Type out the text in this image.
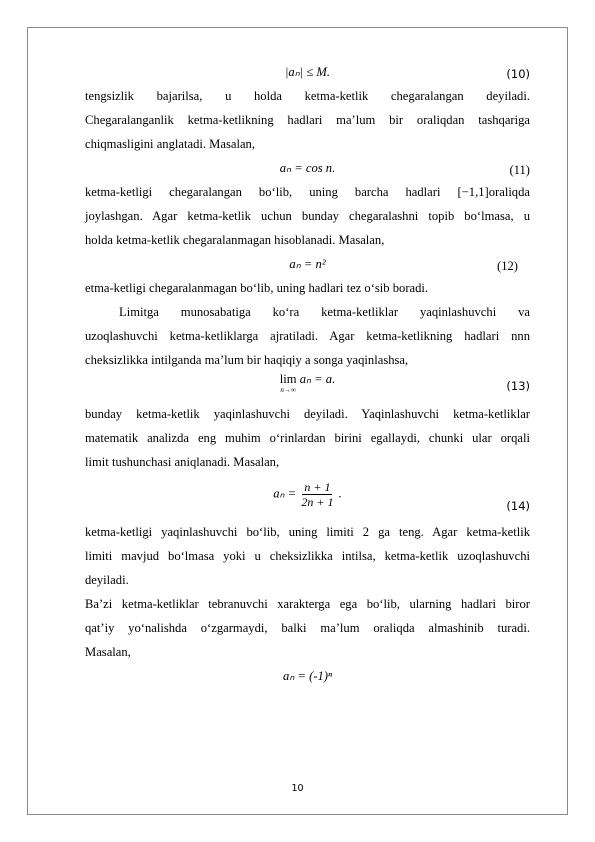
|aₙ| ≤ M.	(10)

tengsizlik bajarilsa, u holda ketma-ketlik chegaralangan deyiladi.

Chegaralanganlik ketma-ketlikning hadlari ma’lum bir oraliqdan tashqariga

chiqmasligini anglatadi. Masalan,

aₙ = cos n.	(11)

ketma-ketligi chegaralangan bo‘lib, uning barcha hadlari [−1,1]oraliqda

joylashgan. Agar ketma-ketlik uchun bunday chegaralashni topib bo‘lmasa, u

holda ketma-ketlik chegaralanmagan hisoblanadi. Masalan,

aₙ = n²	(12)

etma-ketligi chegaralanmagan bo‘lib, uning hadlari tez o‘sib boradi.

Limitga munosabatiga ko‘ra ketma-ketliklar yaqinlashuvchi va

uzoqlashuvchi ketma-ketliklarga ajratiladi. Agar ketma-ketlikning hadlari nnn

cheksizlikka intilganda ma’lum bir haqiqiy a songa yaqinlashsa,

lim
n→∞
aₙ = a.	(13)

bunday ketma-ketlik yaqinlashuvchi deyiladi. Yaqinlashuvchi ketma-ketliklar

matematik analizda eng muhim o‘rinlardan birini egallaydi, chunki ular orqali

limit tushunchasi aniqlanadi. Masalan,

$a_n = \frac{n + 1}{2n + 1}$ .
(14)

ketma-ketligi yaqinlashuvchi bo‘lib, uning limiti 2 ga teng. Agar ketma-ketlik

limiti mavjud bo‘lmasa yoki u cheksizlikka intilsa, ketma-ketlik uzoqlashuvchi

deyiladi.

Ba’zi ketma-ketliklar tebranuvchi xarakterga ega bo‘lib, ularning hadlari biror

qat’iy yo‘nalishda o‘zgarmaydi, balki ma’lum oraliqda almashinib turadi.

Masalan,

aₙ = (-1)ⁿ
10
